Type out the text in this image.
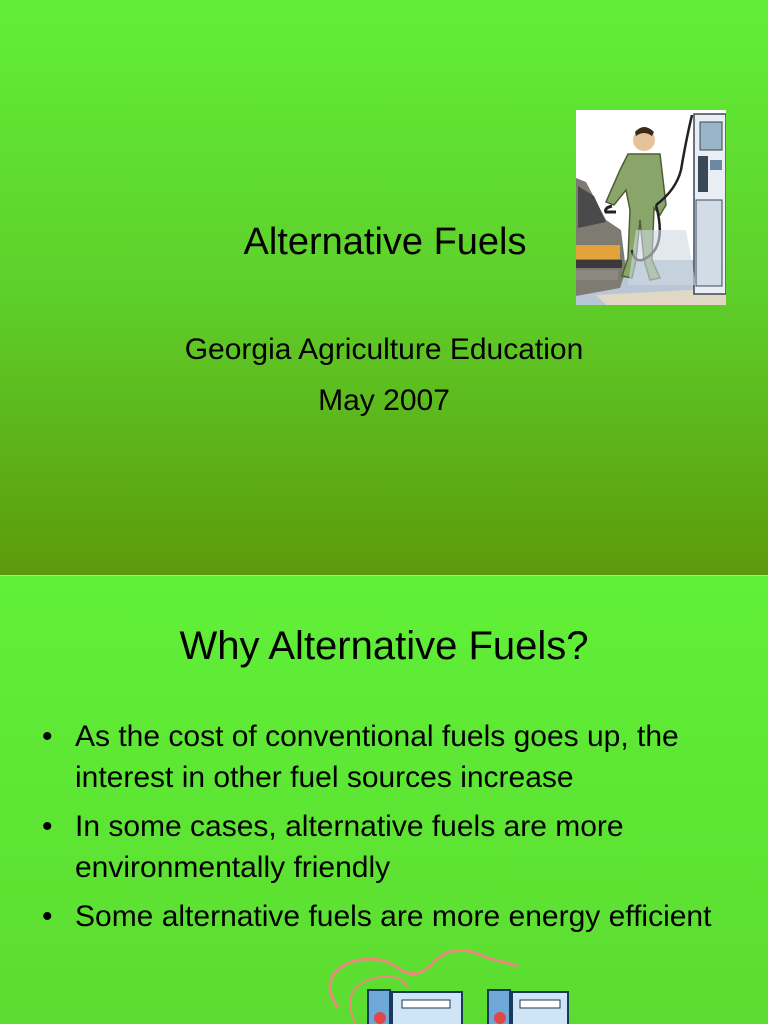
Alternative Fuels
Georgia Agriculture Education
May 2007
Why Alternative Fuels?
• As the cost of conventional fuels goes up, the interest in other fuel sources increase
• In some cases, alternative fuels are more environmentally friendly
• Some alternative fuels are more energy efficient
